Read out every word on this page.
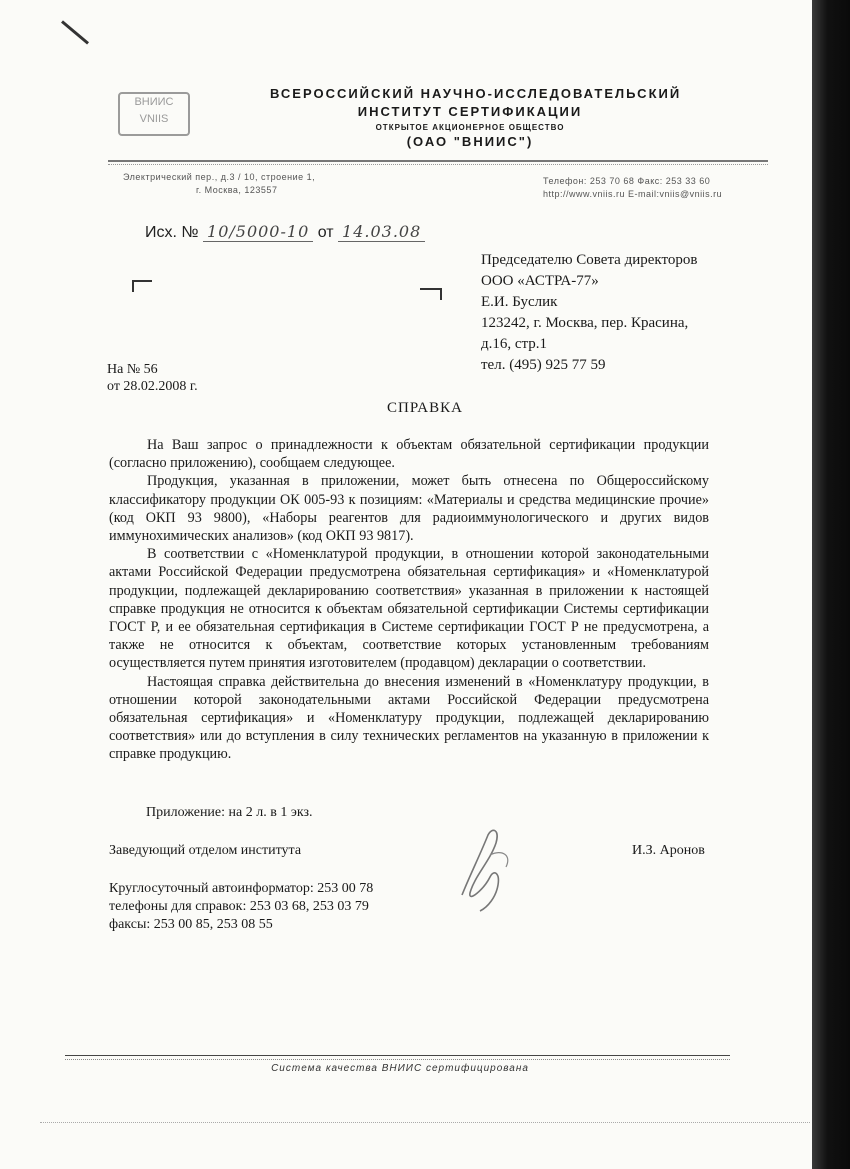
ВНИИС
VNIIS
ВСЕРОССИЙСКИЙ НАУЧНО-ИССЛЕДОВАТЕЛЬСКИЙ
ИНСТИТУТ СЕРТИФИКАЦИИ
ОТКРЫТОЕ АКЦИОНЕРНОЕ ОБЩЕСТВО
(ОАО "ВНИИС")
Электрический пер., д.3 / 10, строение 1,
г. Москва, 123557
Телефон: 253 70 68 Факс: 253 33 60
http://www.vniis.ru E-mail:vniis@vniis.ru
Исх. № 10/5000-10 от 14.03.08
Председателю Совета директоров
ООО «АСТРА-77»
Е.И. Буслик
123242, г. Москва, пер. Красина,
д.16, стр.1
тел. (495) 925 77 59
На № 56
от 28.02.2008 г.
СПРАВКА

На Ваш запрос о принадлежности к объектам обязательной сертификации продукции (согласно приложению), сообщаем следующее.

Продукция, указанная в приложении, может быть отнесена по Общероссийскому классификатору продукции ОК 005-93 к позициям: «Материалы и средства медицинские прочие» (код ОКП 93 9800), «Наборы реагентов для радиоиммунологического и других видов иммунохимических анализов» (код ОКП 93 9817).

В соответствии с «Номенклатурой продукции, в отношении которой законодательными актами Российской Федерации предусмотрена обязательная сертификация» и «Номенклатурой продукции, подлежащей декларированию соответствия» указанная в приложении к настоящей справке продукция не относится к объектам обязательной сертификации Системы сертификации ГОСТ Р, и ее обязательная сертификация в Системе сертификации ГОСТ Р не предусмотрена, а также не относится к объектам, соответствие которых установленным требованиям осуществляется путем принятия изготовителем (продавцом) декларации о соответствии.

Настоящая справка действительна до внесения изменений в «Номенклатуру продукции, в отношении которой законодательными актами Российской Федерации предусмотрена обязательная сертификация» и «Номенклатуру продукции, подлежащей декларированию соответствия» или до вступления в силу технических регламентов на указанную в приложении к справке продукцию.

Приложение: на 2 л. в 1 экз.
Заведующий отделом института	И.З. Аронов
Круглосуточный автоинформатор: 253 00 78
телефоны для справок: 253 03 68, 253 03 79
факсы: 253 00 85, 253 08 55
Система качества ВНИИС сертифицирована
